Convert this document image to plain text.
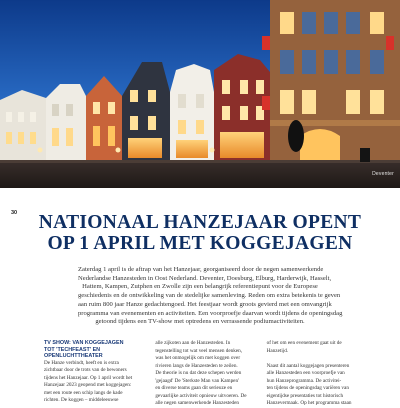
Deventer
30	NATIONAAL HANZEJAAR OPENT
OP 1 APRIL MET KOGGEJAGEN

Zaterdag 1 april is de aftrap van het Hanzejaar, georganiseerd door de negen samenwerkende
Nederlandse Hanzesteden in Oost Nederland. Deventer, Doesburg, Elburg, Harderwijk, Hasselt,
Hattem, Kampen, Zutphen en Zwolle zijn een belangrijk referentiepunt voor de Europese
geschiedenis en de ontwikkeling van de stedelijke samenleving. Reden om extra betekenis te geven
aan ruim 800 jaar Hanze gedachtengoed. Het feestjaar wordt groots gevierd met een omvangrijk
programma van evenementen en activiteiten. Een voorproefje daarvan wordt tijdens de openingsdag
getoond tijdens een TV-show met optredens en verrassende podiumactiviteiten.

TV SHOW: VAN KOGGEJAGEN
TOT 'TECHFEAST' EN
OPENLUCHTTHEATER
De Hanze verbindt, heeft en is extra
zichtbaar door de trots van de bewoners
tijdens het Hanzejaar. Op 1 april wordt het
Hanzejaar 2023 geopend met koggejagen:
met een route een schip langs de kade
richten. De koggen – middeleeuwse
alle zijkoten aan de Hanzesteden. In
tegenstelling tot wat veel mensen denken,
was het onmogelijk om met koggen over
rivieren langs de Hanzesteden te zeilen.
De theorie is nu dat deze schepen werden
'gejaagd' De 'Sterkste Man van Kampen'
en diverse teams gaan dit serieuze en
gevaarlijke activiteit opnieuw uitvoeren. De
alle negen samenwerkende Hanzesteden
of het om een evenement gaat uit de
Hanzetijd.

Naast dit aantal koggejagen presenteren
alle Hanzesteden een voorproefje van
hun Hanzeprogramma. De activitei-
ten tijdens de openingsdag variëren van
eigentijdse presentaties tot historisch
Hanzevermaak. Op het programma staan
